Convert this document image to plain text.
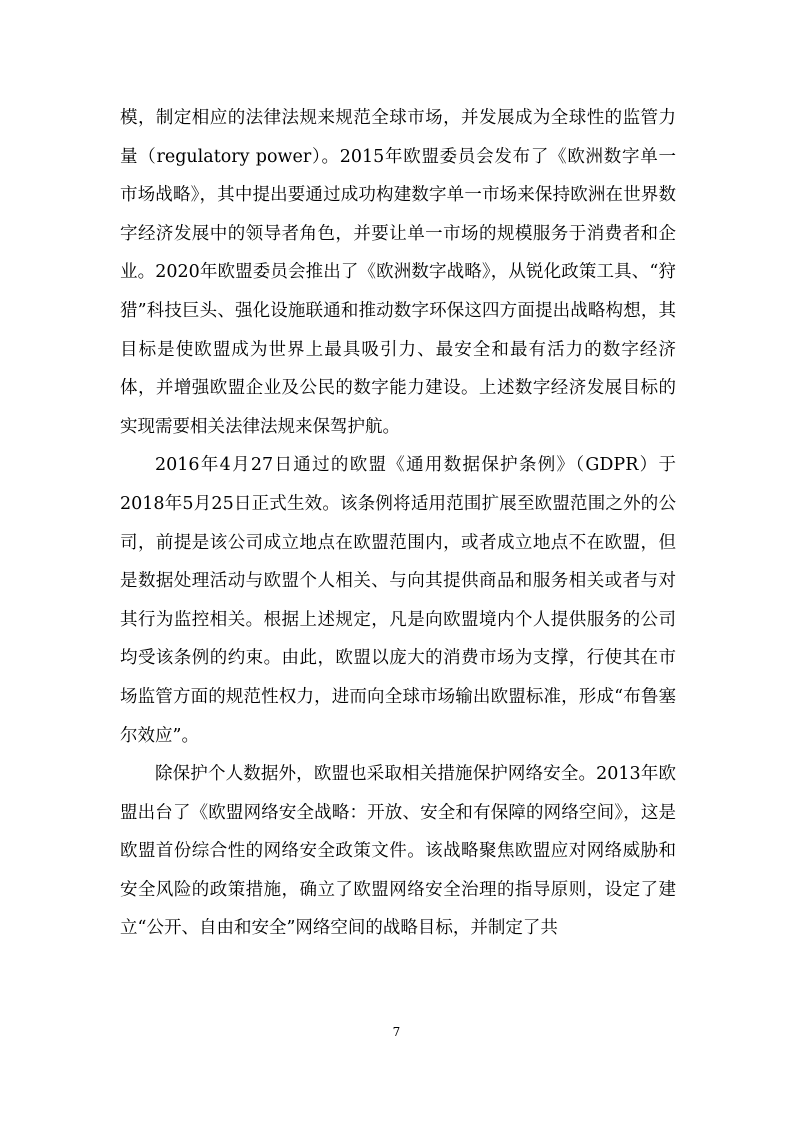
模，制定相应的法律法规来规范全球市场，并发展成为全球性的监管力量（regulatory power）。2015年欧盟委员会发布了《欧洲数字单一市场战略》，其中提出要通过成功构建数字单一市场来保持欧洲在世界数字经济发展中的领导者角色，并要让单一市场的规模服务于消费者和企业。2020年欧盟委员会推出了《欧洲数字战略》，从锐化政策工具、“狩猎”科技巨头、强化设施联通和推动数字环保这四方面提出战略构想，其目标是使欧盟成为世界上最具吸引力、最安全和最有活力的数字经济体，并增强欧盟企业及公民的数字能力建设。上述数字经济发展目标的实现需要相关法律法规来保驾护航。

2016年4月27日通过的欧盟《通用数据保护条例》（GDPR）于2018年5月25日正式生效。该条例将适用范围扩展至欧盟范围之外的公司，前提是该公司成立地点在欧盟范围内，或者成立地点不在欧盟，但是数据处理活动与欧盟个人相关、与向其提供商品和服务相关或者与对其行为监控相关。根据上述规定，凡是向欧盟境内个人提供服务的公司均受该条例的约束。由此，欧盟以庞大的消费市场为支撑，行使其在市场监管方面的规范性权力，进而向全球市场输出欧盟标准，形成“布鲁塞尔效应”。

除保护个人数据外，欧盟也采取相关措施保护网络安全。2013年欧盟出台了《欧盟网络安全战略：开放、安全和有保障的网络空间》，这是欧盟首份综合性的网络安全政策文件。该战略聚焦欧盟应对网络威胁和安全风险的政策措施，确立了欧盟网络安全治理的指导原则，设定了建立“公开、自由和安全”网络空间的战略目标，并制定了共

7
